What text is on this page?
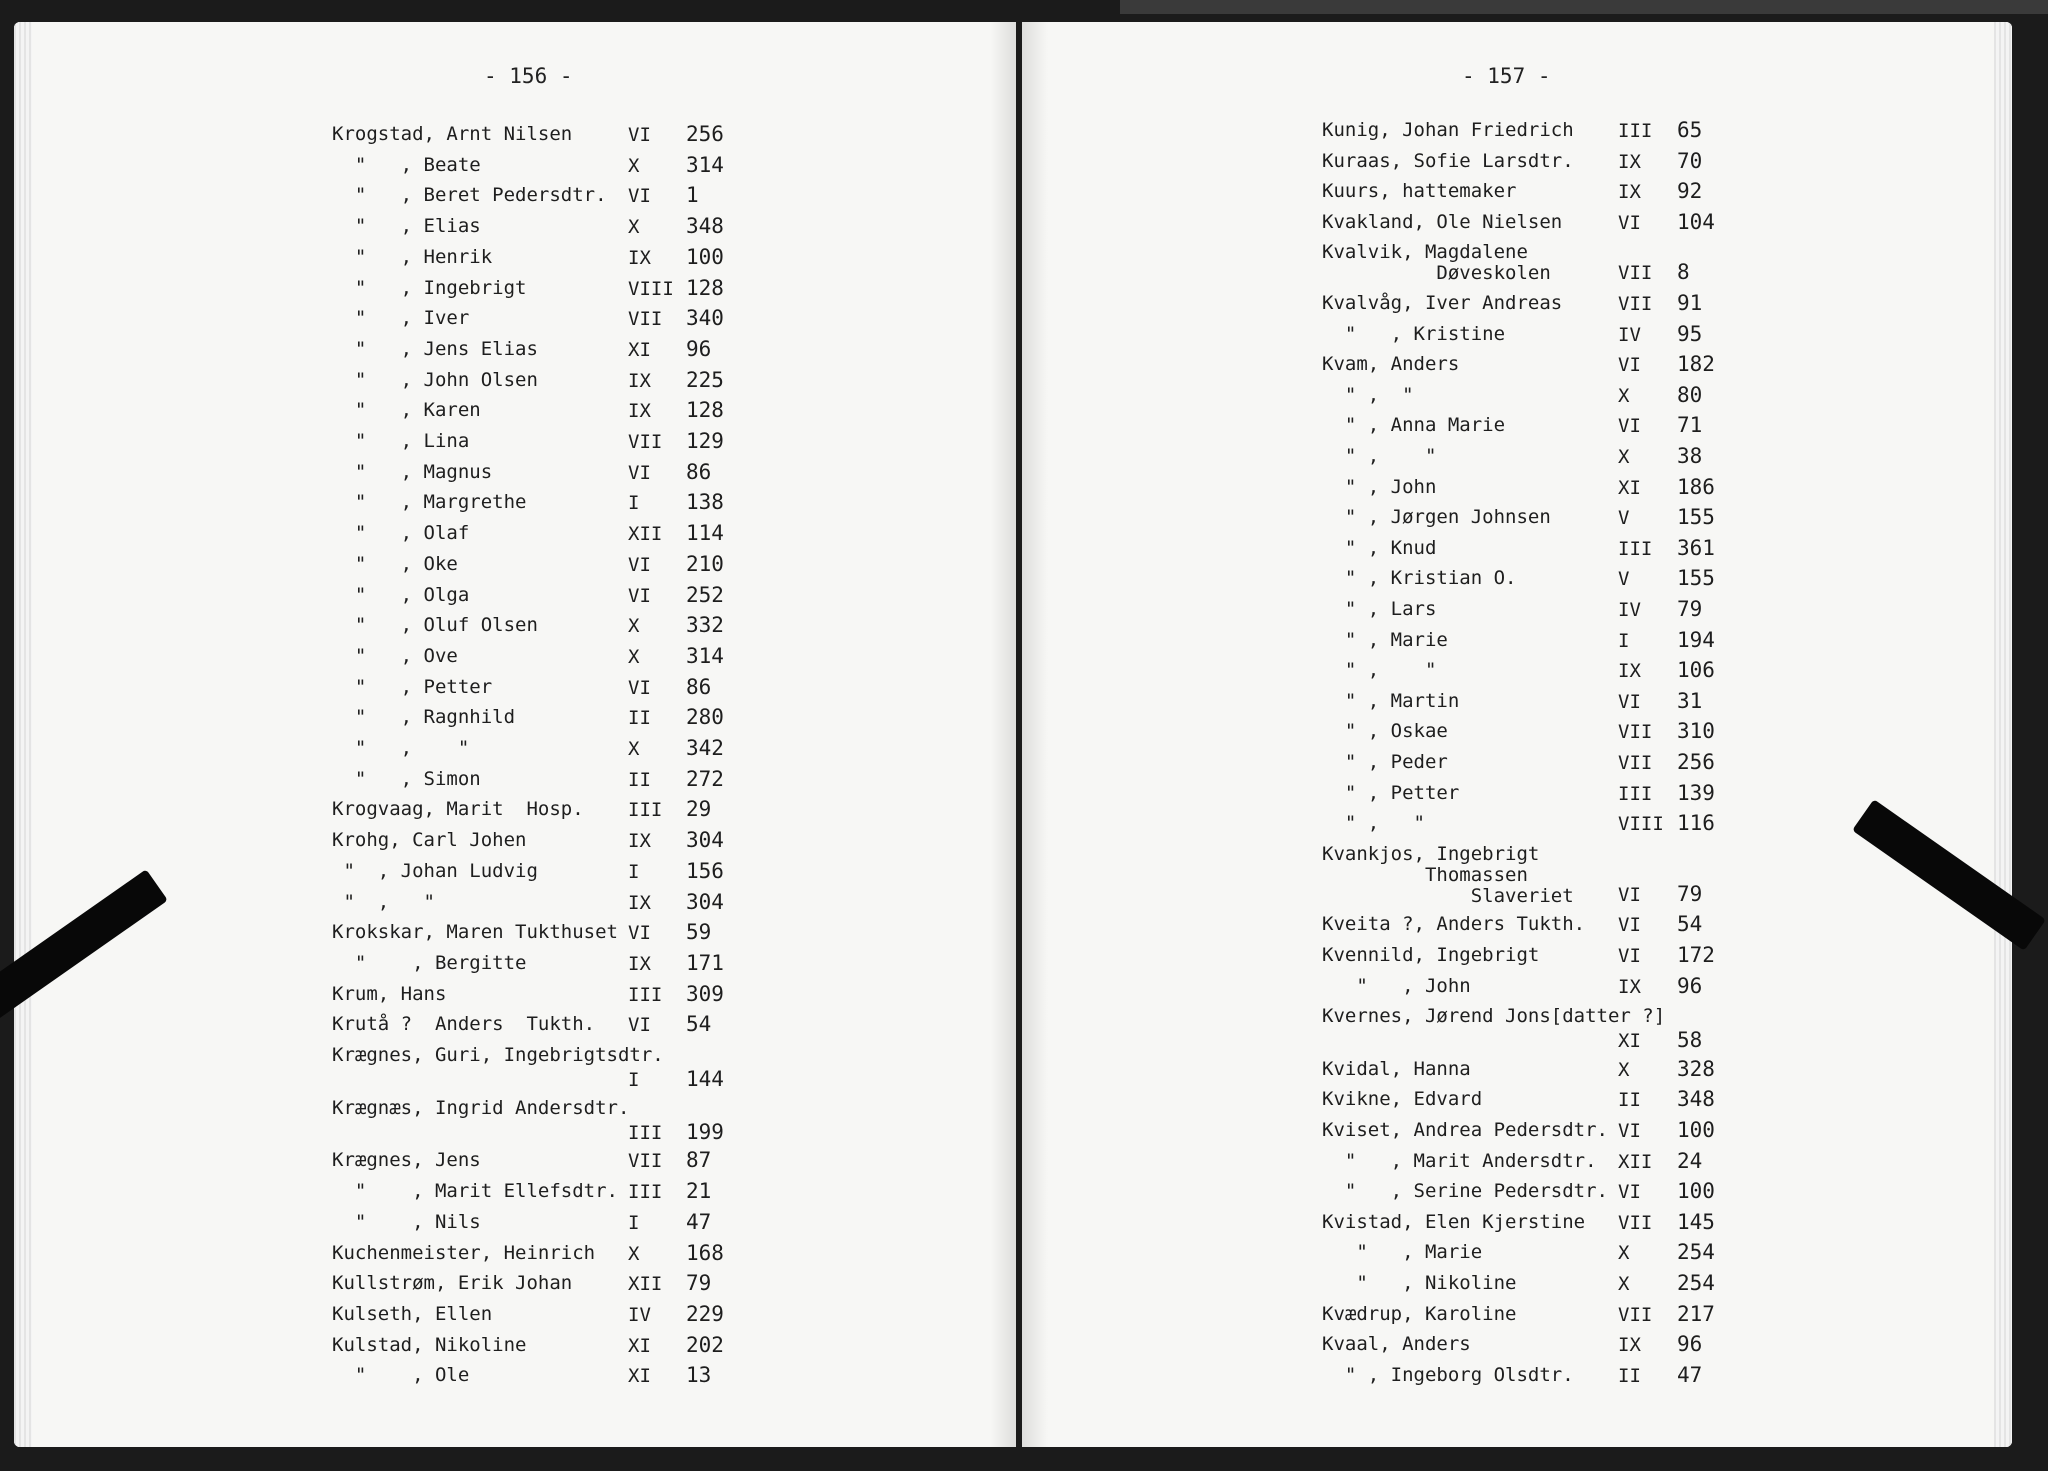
- 156 -
Krogstad, Arnt Nilsen	VI 256
"   , Beate	X 314
"   , Beret Pedersdtr. VI 1
"   , Elias	X 348
"   , Henrik	IX 100
"   , Ingebrigt	VIII 128
"   , Iver	VII 340
"   , Jens Elias	XI 96
"   , John Olsen	IX 225
"   , Karen	IX 128
"   , Lina	VII 129
"   , Magnus	VI 86
"   , Margrethe	I 138
"   , Olaf	XII 114
"   , Oke	VI 210
"   , Olga	VI 252
"   , Oluf Olsen	X 332
"   , Ove	X 314
"   , Petter	VI 86
"   , Ragnhild	II 280
"   ,    "	X 342
"   , Simon	II 272
Krogvaag, Marit  Hosp. III 29
Krohg, Carl Johen	IX 304
"  , Johan Ludvig	I 156
"  ,   "	IX 304
Krokskar, Maren Tukthuset VI 59
"    , Bergitte	IX 171
Krum, Hans	III 309
Krutå ?  Anders  Tukth. VI 54
Krægnes, Guri, Ingebrigtsdtr.
I 144
Krægnæs, Ingrid Andersdtr.
III 199
Krægnes, Jens	VII 87
"    , Marit Ellefsdtr. III 21
"    , Nils	I 47
Kuchenmeister, Heinrich X 168
Kullstrøm, Erik Johan	XII 79
Kulseth, Ellen	IV 229
Kulstad, Nikoline	XI 202
"    , Ole	XI 13
- 157 -
Kunig, Johan Friedrich III 65
Kuraas, Sofie Larsdtr. IX 70
Kuurs, hattemaker	IX 92
Kvakland, Ole Nielsen	VI 104
Kvalvik, Magdalene
Døveskolen	VII 8
Kvalvåg, Iver Andreas	VII 91
"   , Kristine	IV 95
Kvam, Anders	VI 182
" ,  "	X 80
" , Anna Marie	VI 71
" ,    "	X 38
" , John	XI 186
" , Jørgen Johnsen	V 155
" , Knud	III 361
" , Kristian O.	V 155
" , Lars	IV 79
" , Marie	I 194
" ,    "	IX 106
" , Martin	VI 31
" , Oskae	VII 310
" , Peder	VII 256
" , Petter	III 139
" ,   "	VIII 116
Kvankjos, Ingebrigt
Thomassen
Slaveriet VI 79
Kveita ?, Anders Tukth. VI 54
Kvennild, Ingebrigt	VI 172
"   , John	IX 96
Kvernes, Jørend Jons[datter ?]
XI 58
Kvidal, Hanna	X 328
Kvikne, Edvard	II 348
Kviset, Andrea Pedersdtr. VI 100
"   , Marit Andersdtr. XII 24
"   , Serine Pedersdtr. VI 100
Kvistad, Elen Kjerstine VII 145
"   , Marie	X 254
"   , Nikoline	X 254
Kvædrup, Karoline	VII 217
Kvaal, Anders	IX 96
" , Ingeborg Olsdtr. II 47
